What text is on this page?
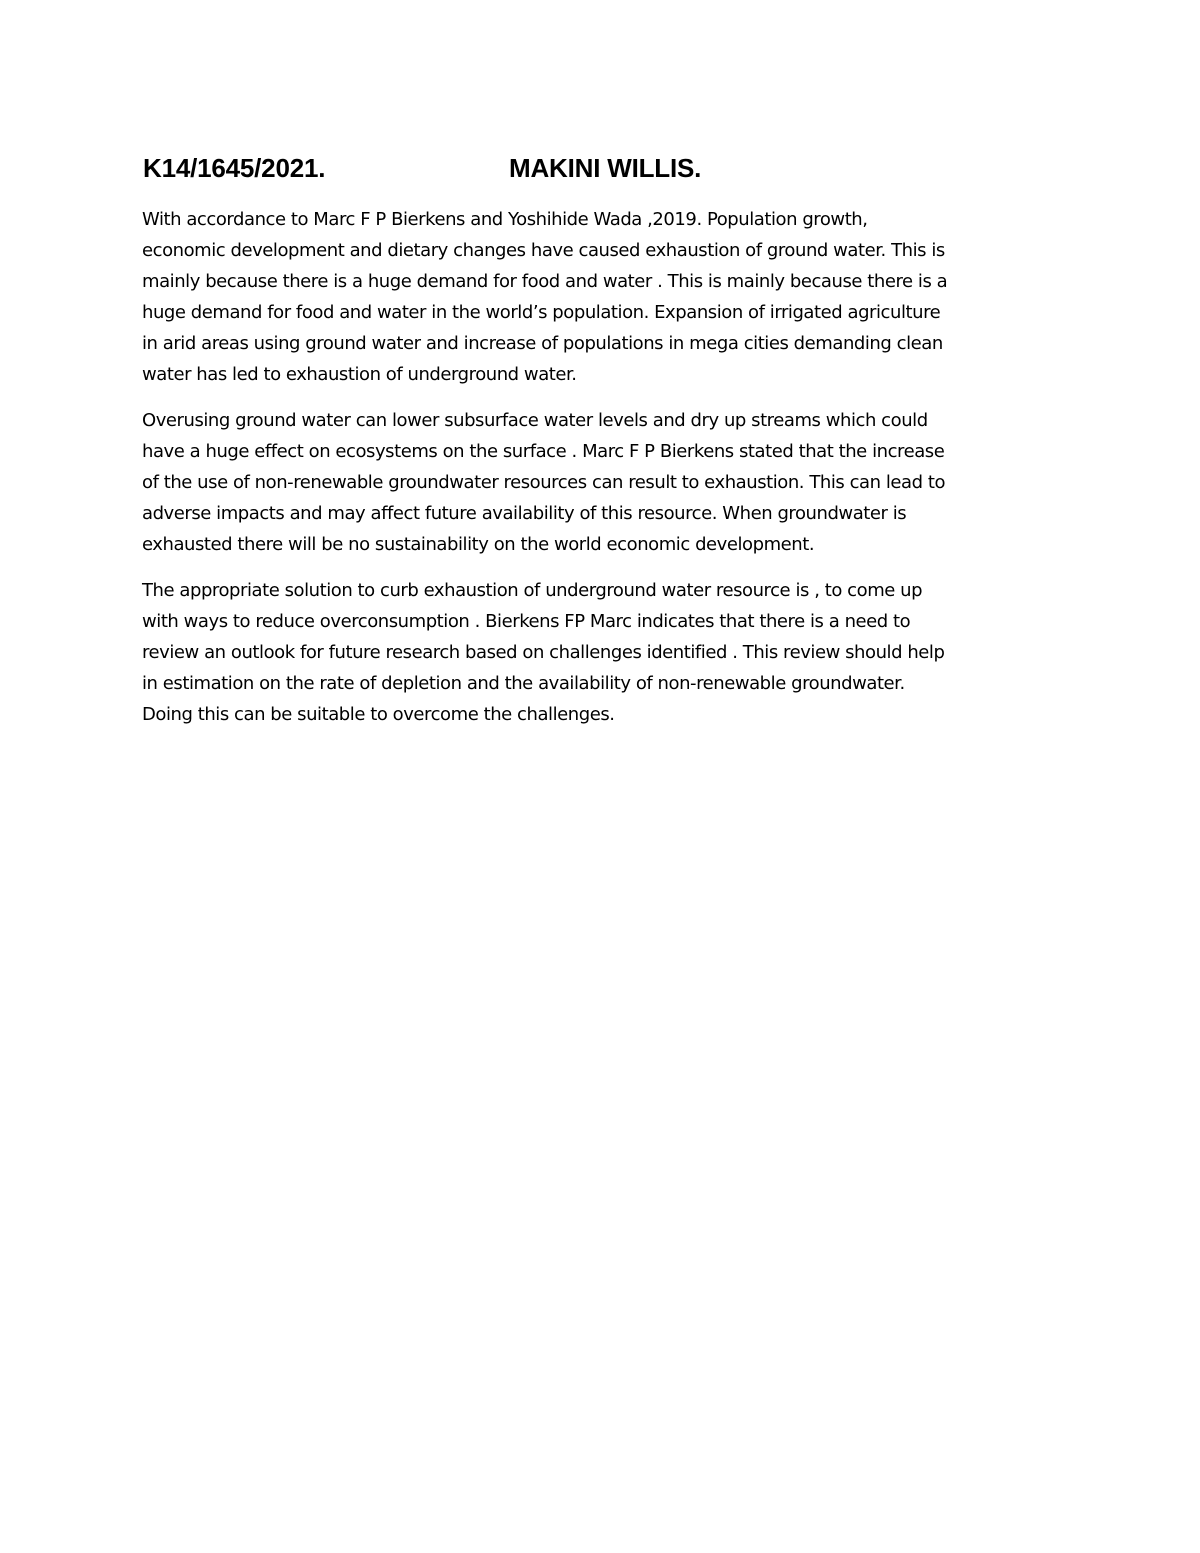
K14/1645/2021.	MAKINI WILLIS.

With accordance to Marc F P Bierkens and Yoshihide Wada ,2019. Population growth,
economic development and dietary changes have caused exhaustion of ground water. This is
mainly because there is a huge demand for food and water . This is mainly because there is a
huge demand for food and water in the world’s population. Expansion of irrigated agriculture
in arid areas using ground water and increase of populations in mega cities demanding clean
water has led to exhaustion of underground water.

Overusing ground water can lower subsurface water levels and dry up streams which could
have a huge effect on ecosystems on the surface . Marc F P Bierkens stated that the increase
of the use of non-renewable groundwater resources can result to exhaustion. This can lead to
adverse impacts and may affect future availability of this resource. When groundwater is
exhausted there will be no sustainability on the world economic development.

The appropriate solution to curb exhaustion of underground water resource is , to come up
with ways to reduce overconsumption . Bierkens FP Marc indicates that there is a need to
review an outlook for future research based on challenges identified . This review should help
in estimation on the rate of depletion and the availability of non-renewable groundwater.
Doing this can be suitable to overcome the challenges.
